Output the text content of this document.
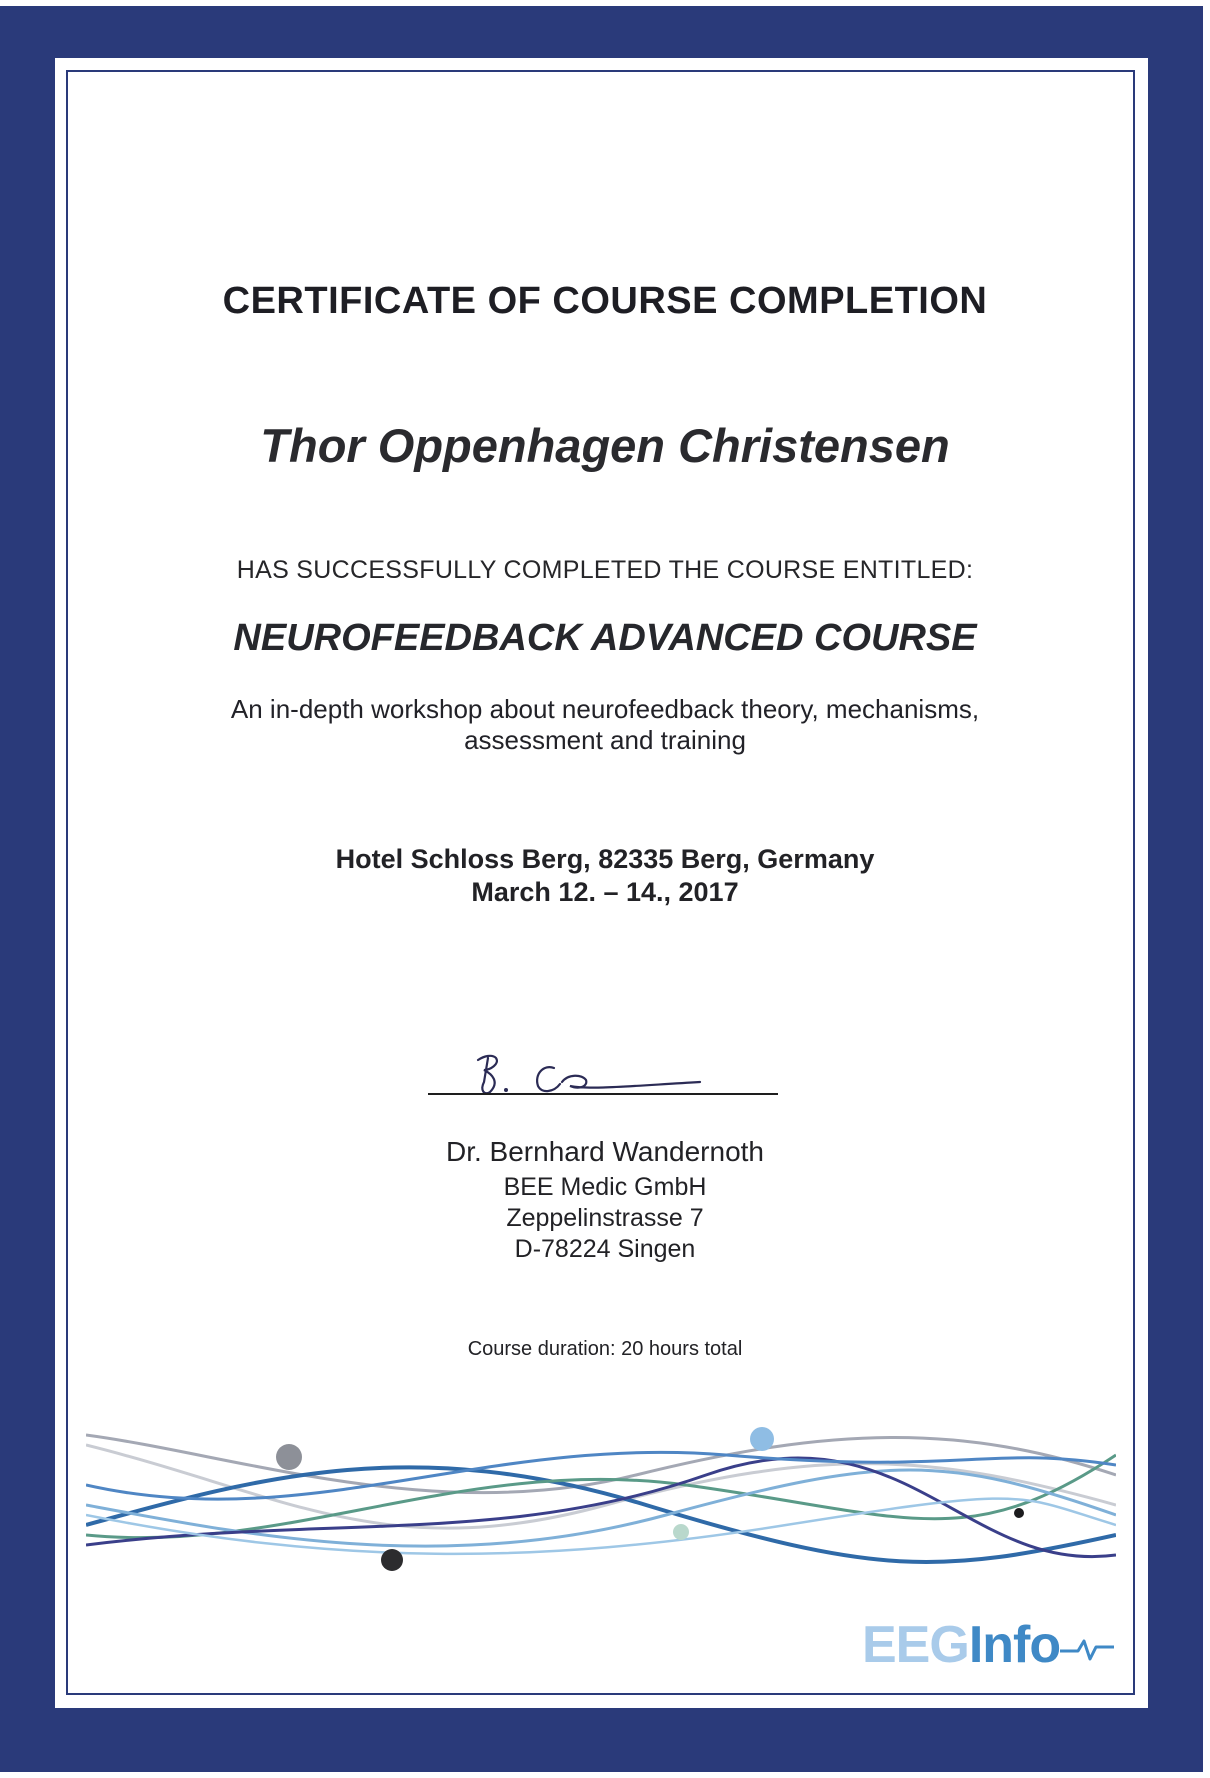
CERTIFICATE OF COURSE COMPLETION
Thor Oppenhagen Christensen
HAS SUCCESSFULLY COMPLETED THE COURSE ENTITLED:
NEUROFEEDBACK ADVANCED COURSE
An in-depth workshop about neurofeedback theory, mechanisms,
assessment and training
Hotel Schloss Berg, 82335 Berg, Germany
March 12. – 14., 2017
Dr. Bernhard Wandernoth
BEE Medic GmbH
Zeppelinstrasse 7
D-78224 Singen
Course duration: 20 hours total
EEGInfo
